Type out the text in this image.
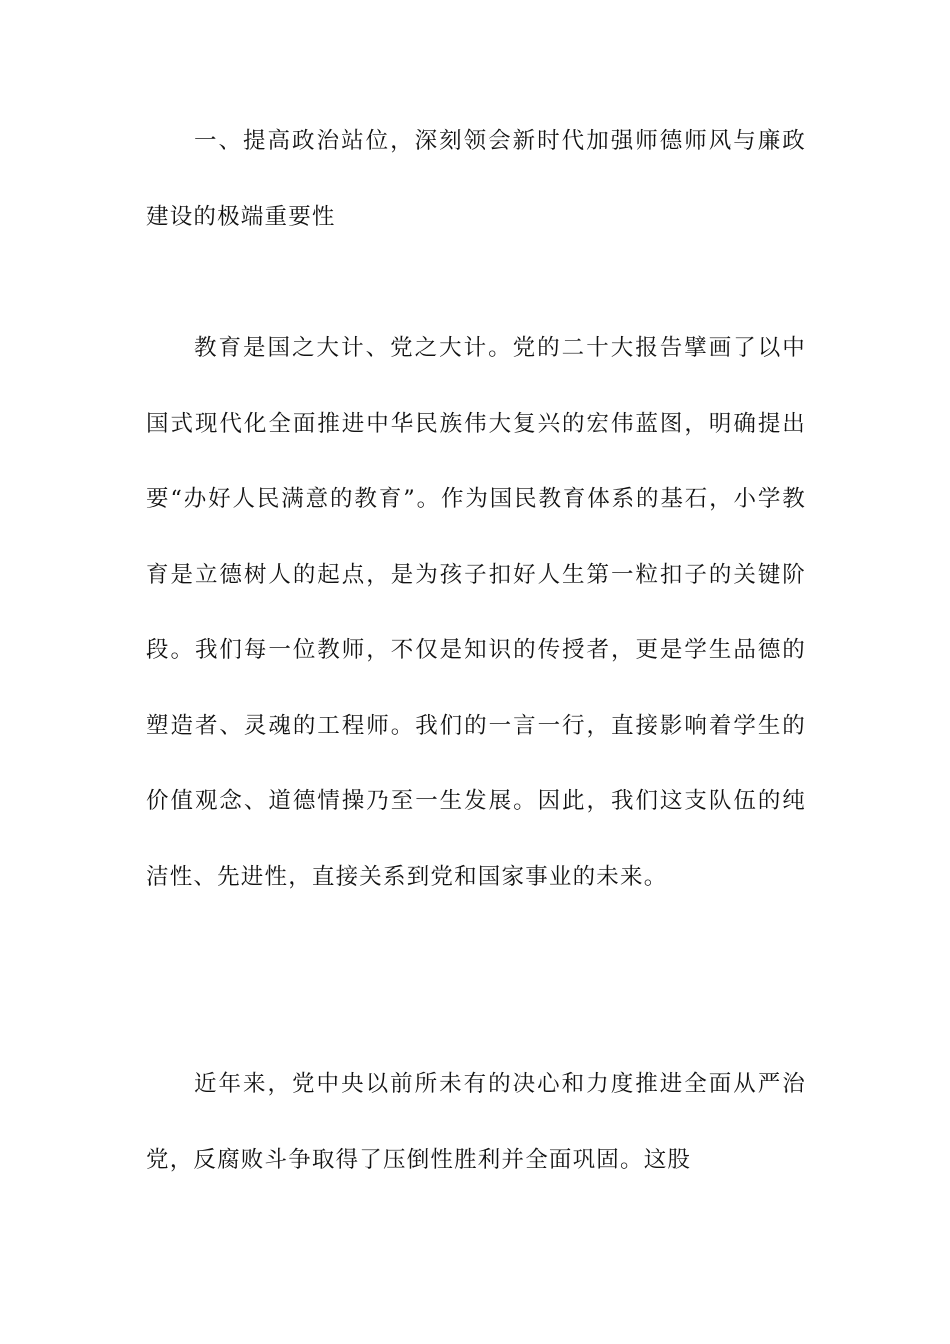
一、提高政治站位，深刻领会新时代加强师德师风与廉政建设的极端重要性

教育是国之大计、党之大计。党的二十大报告擘画了以中国式现代化全面推进中华民族伟大复兴的宏伟蓝图，明确提出要“办好人民满意的教育”。作为国民教育体系的基石，小学教育是立德树人的起点，是为孩子扣好人生第一粒扣子的关键阶段。我们每一位教师，不仅是知识的传授者，更是学生品德的塑造者、灵魂的工程师。我们的一言一行，直接影响着学生的价值观念、道德情操乃至一生发展。因此，我们这支队伍的纯洁性、先进性，直接关系到党和国家事业的未来。

近年来，党中央以前所未有的决心和力度推进全面从严治党，反腐败斗争取得了压倒性胜利并全面巩固。这股
